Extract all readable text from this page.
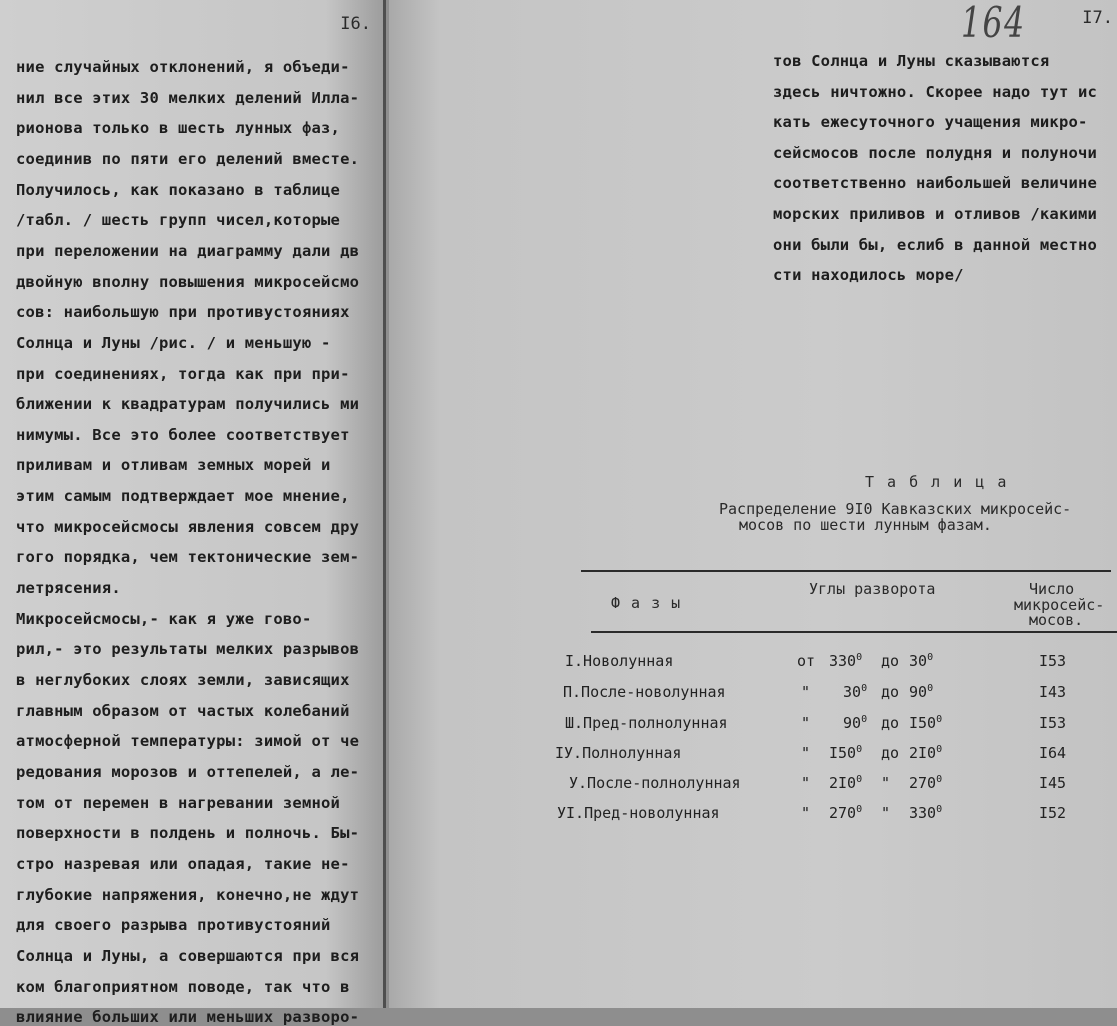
I6.
ние случайных отклонений, я объеди-
нил все этих 30 мелких делений Илла-
рионова только в шесть лунных фаз,
соединив по пяти его делений вместе.
Получилось, как показано в таблице
/табл. / шесть групп чисел,которые
при переложении на диаграмму дали дв
двойную вполну повышения микросейсмо
сов: наибольшую при противустояниях
Солнца и Луны /рис. / и меньшую -
при соединениях, тогда как при при-
ближении к квадратурам получились ми
нимумы. Все это более соответствует
приливам и отливам земных морей и
этим самым подтверждает мое мнение,
что микросейсмосы явления совсем дру
гого порядка, чем тектонические зем-
летрясения.
Микросейсмосы,- как я уже гово-
рил,- это результаты мелких разрывов
в неглубоких слоях земли, зависящих
главным образом от частых колебаний
атмосферной температуры: зимой от че
редования морозов и оттепелей, а ле-
том от перемен в нагревании земной
поверхности в полдень и полночь. Бы-
стро назревая или опадая, такие не-
глубокие напряжения, конечно,не ждут
для своего разрыва противустояний
Солнца и Луны, а совершаются при вся
ком благоприятном поводе, так что в
влияние больших или меньших разворо-
164	I7.
тов Солнца и Луны сказываются
здесь ничтожно. Скорее надо тут ис
кать ежесуточного учащения микро-
сейсмосов после полудня и полуночи
соответственно наибольшей величине
морских приливов и отливов /какими
они были бы, еслиб в данной местно
сти находилось море/
Т а б л и ц а
Распределение 9I0 Кавказских микросейс-
мосов по шести лунным фазам.
Ф а з ы
Углы разворота	Число
микросейс-
мосов.
I.Новолунная	от $330^0$ до $30^0$	I53
П.После-новолунная	" $30^0$ до $90^0$	I43
Ш.Пред-полнолунная	" $90^0$ до $I50^0$	I53
IУ.Полнолунная	" $I50^0$ до $2I0^0$	I64
У.После-полнолунная	" $2I0^0$ " $270^0$	I45
УI.Пред-новолунная	" $270^0$ " $330^0$	I52
